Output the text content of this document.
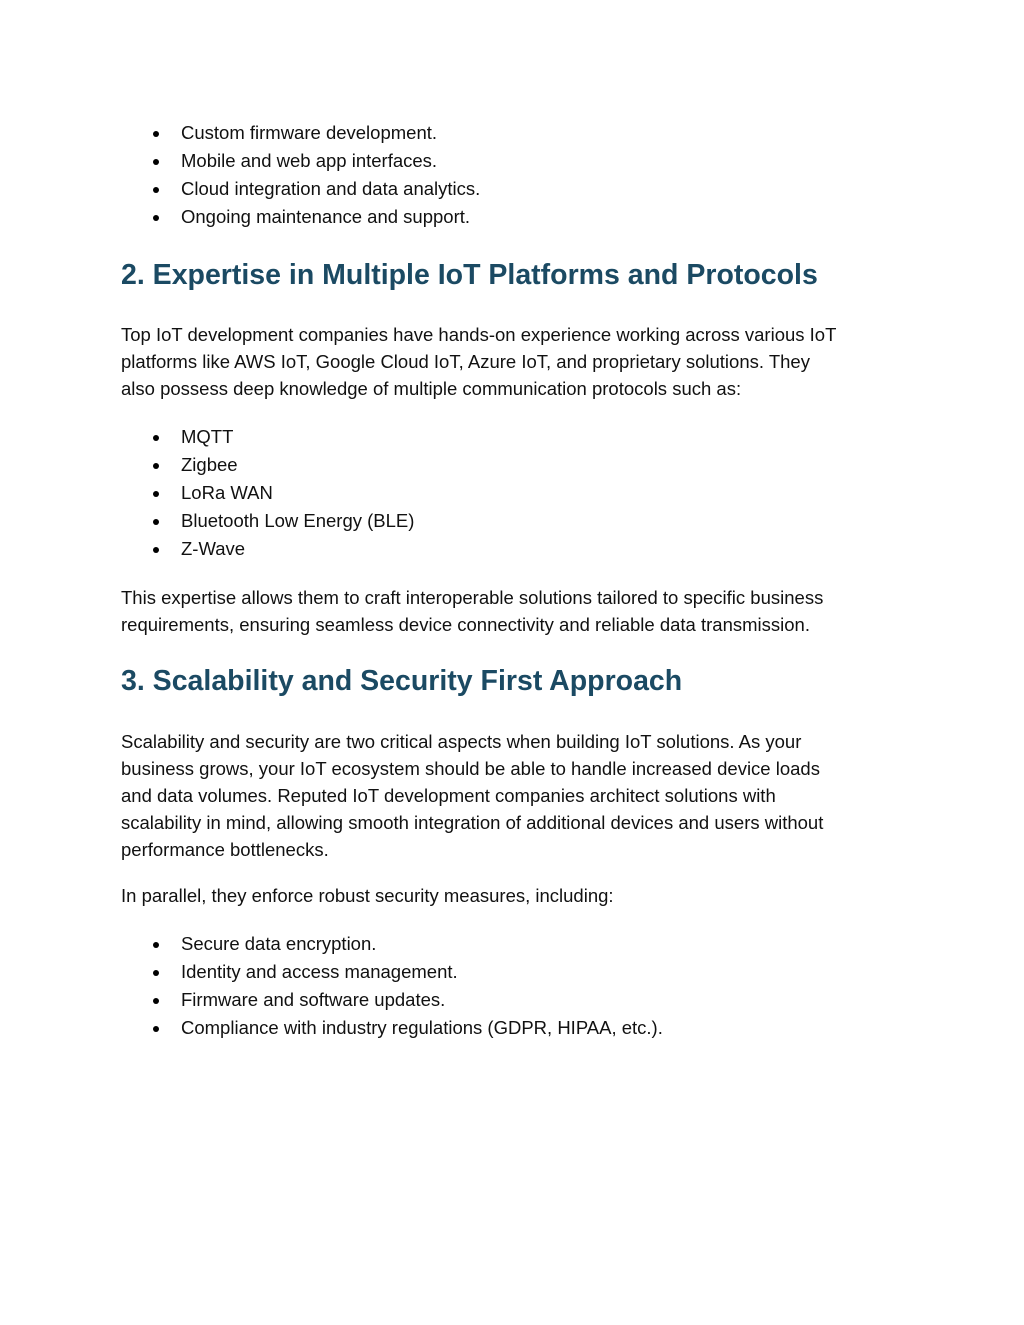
Custom firmware development.
Mobile and web app interfaces.
Cloud integration and data analytics.
Ongoing maintenance and support.
2. Expertise in Multiple IoT Platforms and Protocols

Top IoT development companies have hands-on experience working across various IoT
platforms like AWS IoT, Google Cloud IoT, Azure IoT, and proprietary solutions. They
also possess deep knowledge of multiple communication protocols such as:

MQTT
Zigbee
LoRa WAN
Bluetooth Low Energy (BLE)
Z-Wave

This expertise allows them to craft interoperable solutions tailored to specific business
requirements, ensuring seamless device connectivity and reliable data transmission.

3. Scalability and Security First Approach

Scalability and security are two critical aspects when building IoT solutions. As your
business grows, your IoT ecosystem should be able to handle increased device loads
and data volumes. Reputed IoT development companies architect solutions with
scalability in mind, allowing smooth integration of additional devices and users without
performance bottlenecks.

In parallel, they enforce robust security measures, including:

Secure data encryption.
Identity and access management.
Firmware and software updates.
Compliance with industry regulations (GDPR, HIPAA, etc.).
